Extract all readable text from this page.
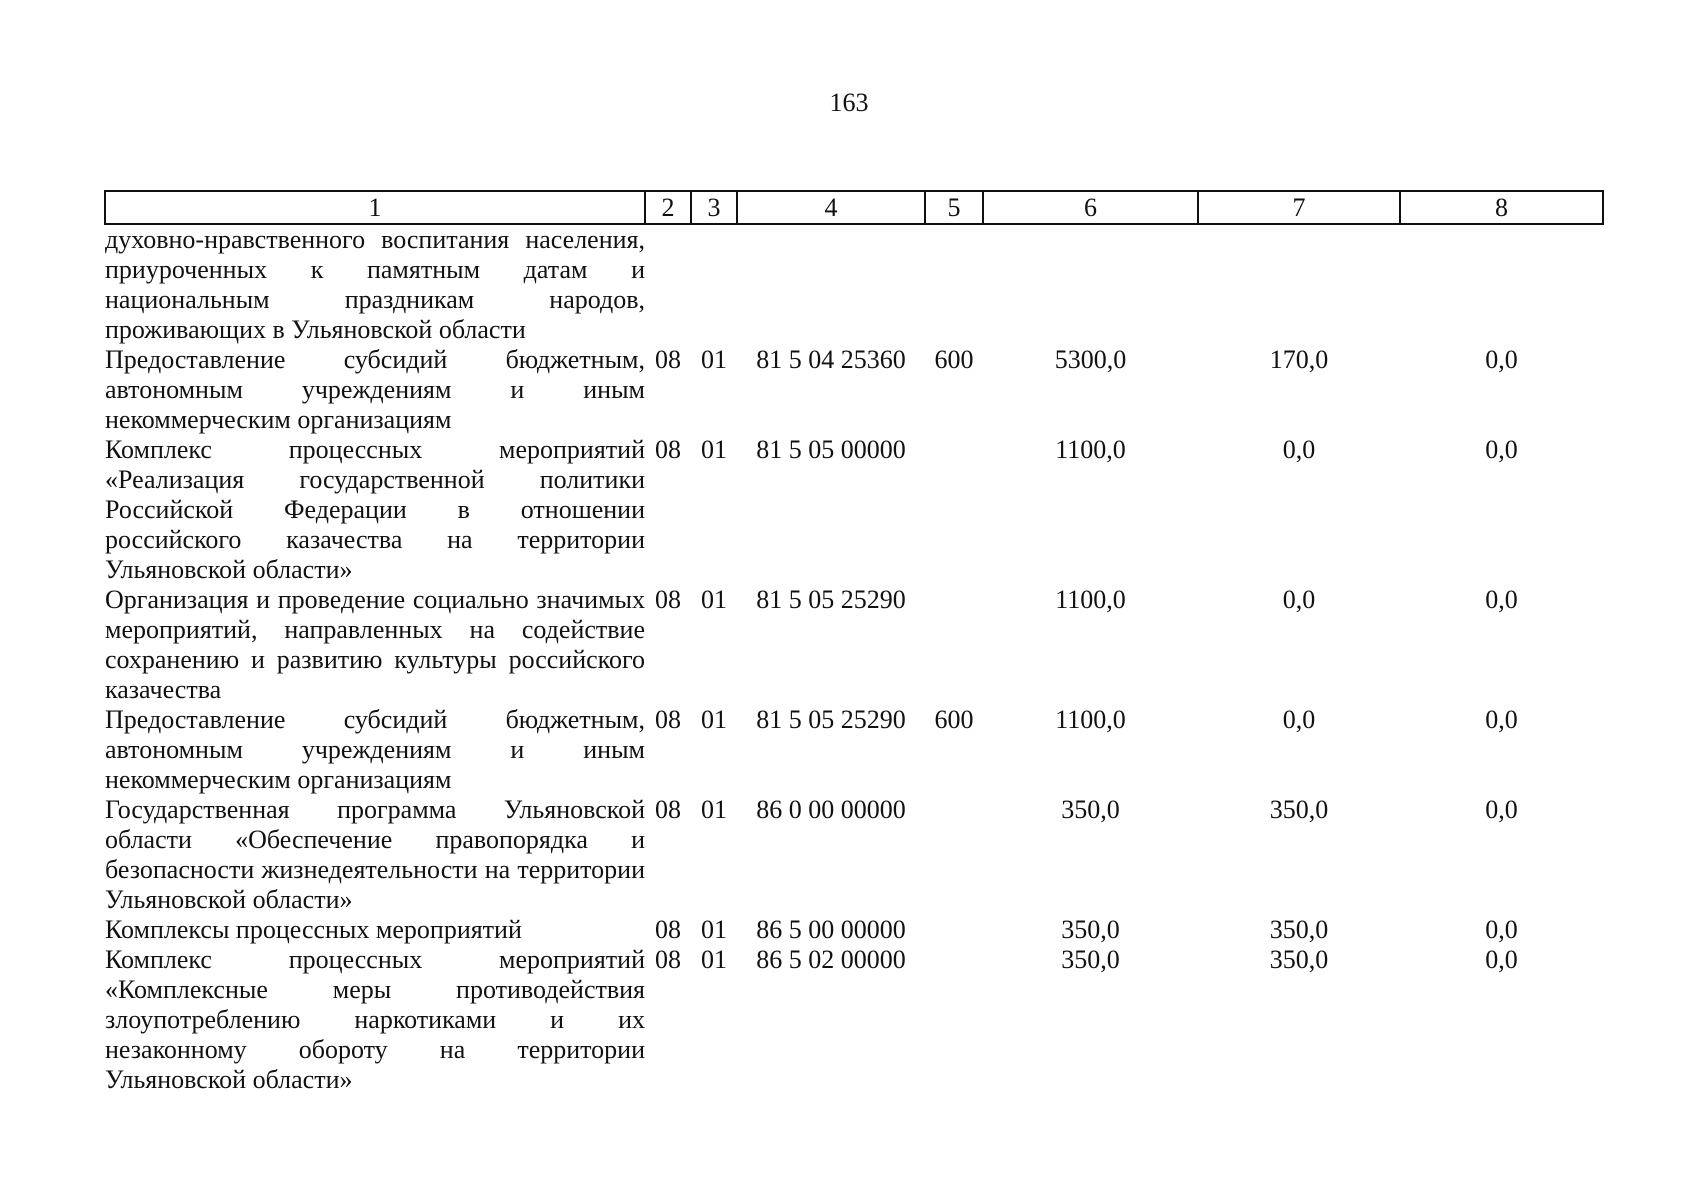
163
1	2	3	4	5	6	7	8
духовно-нравственного воспитания населения, приуроченных к памятным датам и национальным праздникам народов, проживающих в Ульяновской области							
Предоставление субсидий бюджетным, автономным учреждениям и иным некоммерческим организациям	08	01	81 5 04 25360	600	5300,0	170,0	0,0
Комплекс процессных мероприятий «Реализация государственной политики Российской Федерации в отношении российского казачества на территории Ульяновской области»	08	01	81 5 05 00000		1100,0	0,0	0,0
Организация и проведение социально значимых мероприятий, направленных на содействие сохранению и развитию культуры российского казачества	08	01	81 5 05 25290		1100,0	0,0	0,0
Предоставление субсидий бюджетным, автономным учреждениям и иным некоммерческим организациям	08	01	81 5 05 25290	600	1100,0	0,0	0,0
Государственная программа Ульяновской области «Обеспечение правопорядка и безопасности жизнедеятельности на территории Ульяновской области»	08	01	86 0 00 00000		350,0	350,0	0,0
Комплексы процессных мероприятий	08	01	86 5 00 00000		350,0	350,0	0,0
Комплекс процессных мероприятий «Комплексные меры противодействия злоупотреблению наркотиками и их незаконному обороту на территории Ульяновской области»	08	01	86 5 02 00000		350,0	350,0	0,0
